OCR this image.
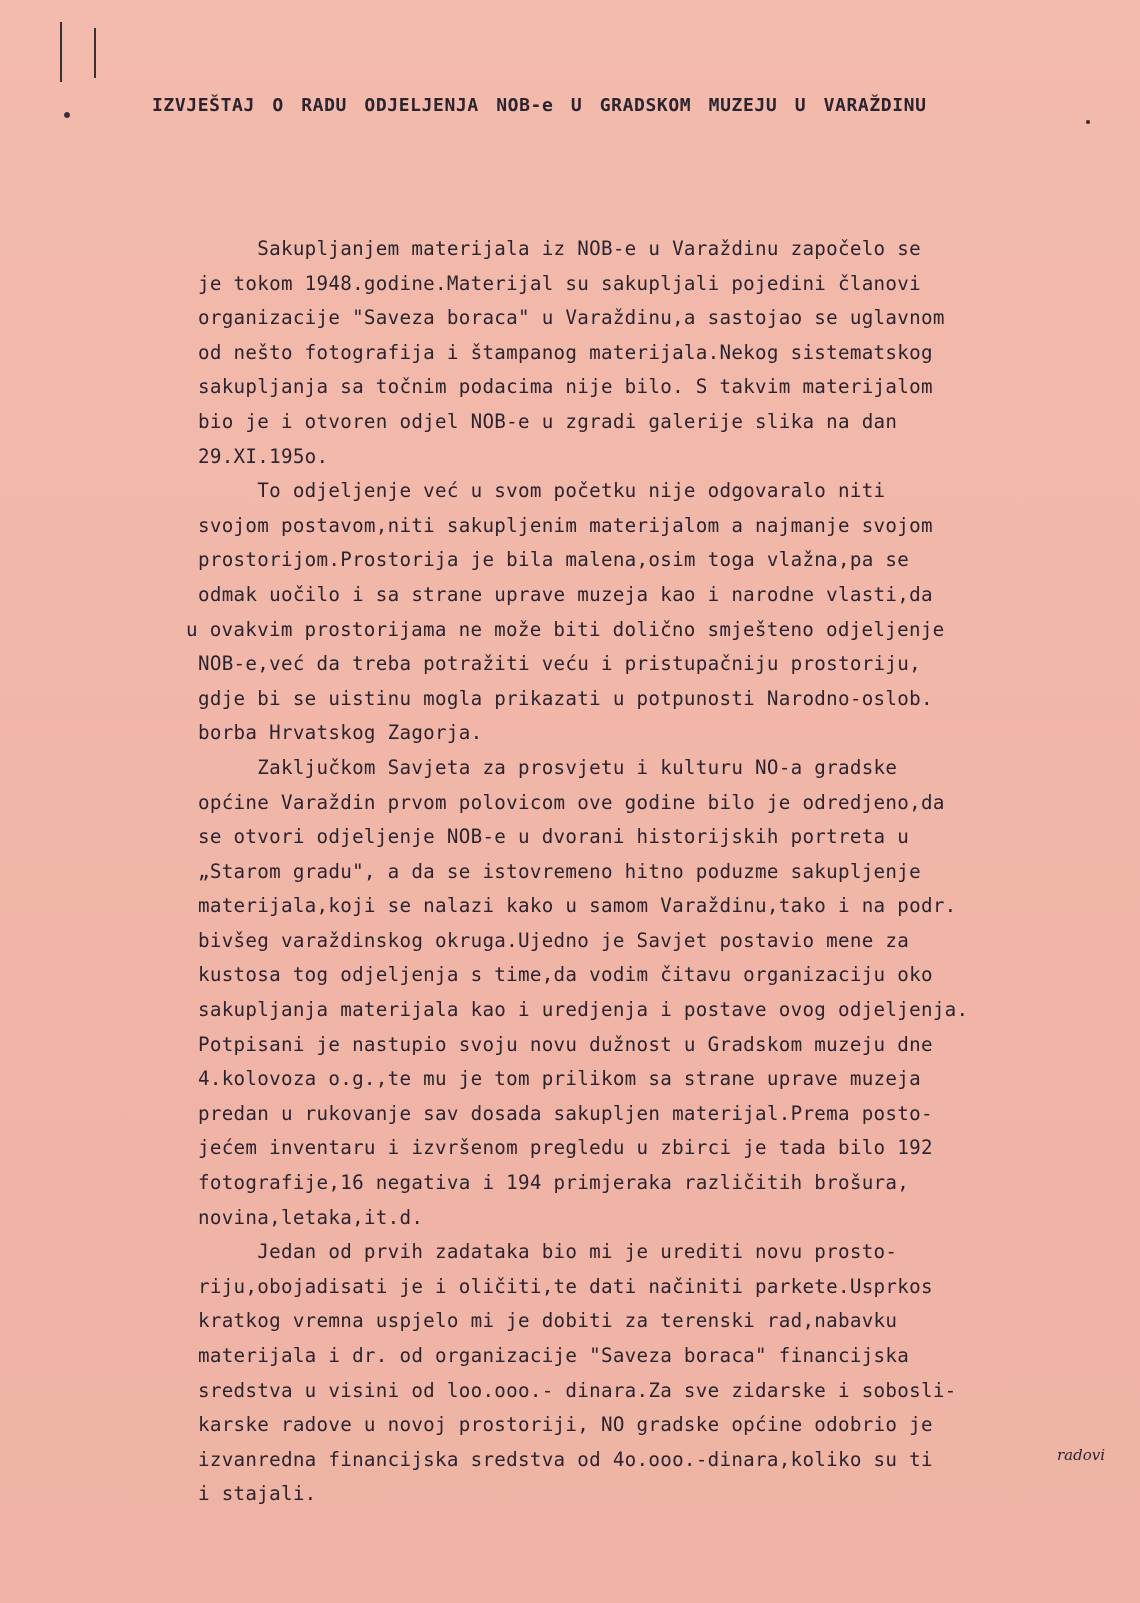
IZVJEŠTAJ O RADU ODJELJENJA NOB-e U GRADSKOM MUZEJU U VARAŽDINU
Sakupljanjem materijala iz NOB-e u Varaždinu započelo se
je tokom 1948.godine.Materijal su sakupljali pojedini članovi
organizacije "Saveza boraca" u Varaždinu,a sastojao se uglavnom
od nešto fotografija i štampanog materijala.Nekog sistematskog
sakupljanja sa točnim podacima nije bilo. S takvim materijalom
bio je i otvoren odjel NOB-e u zgradi galerije slika na dan
29.XI.195o.
To odjeljenje već u svom početku nije odgovaralo niti
svojom postavom,niti sakupljenim materijalom a najmanje svojom
prostorijom.Prostorija je bila malena,osim toga vlažna,pa se
odmak uočilo i sa strane uprave muzeja kao i narodne vlasti,da
u ovakvim prostorijama ne može biti dolično smješteno odjeljenje
NOB-e,već da treba potražiti veću i pristupačniju prostoriju,
gdje bi se uistinu mogla prikazati u potpunosti Narodno-oslob.
borba Hrvatskog Zagorja.
Zaključkom Savjeta za prosvjetu i kulturu NO-a gradske
općine Varaždin prvom polovicom ove godine bilo je odredjeno,da
se otvori odjeljenje NOB-e u dvorani historijskih portreta u
„Starom gradu", a da se istovremeno hitno poduzme sakupljenje
materijala,koji se nalazi kako u samom Varaždinu,tako i na podr.
bivšeg varaždinskog okruga.Ujedno je Savjet postavio mene za
kustosa tog odjeljenja s time,da vodim čitavu organizaciju oko
sakupljanja materijala kao i uredjenja i postave ovog odjeljenja.
Potpisani je nastupio svoju novu dužnost u Gradskom muzeju dne
4.kolovoza o.g.,te mu je tom prilikom sa strane uprave muzeja
predan u rukovanje sav dosada sakupljen materijal.Prema posto-
jećem inventaru i izvršenom pregledu u zbirci je tada bilo 192
fotografije,16 negativa i 194 primjeraka različitih brošura,
novina,letaka,it.d.
Jedan od prvih zadataka bio mi je urediti novu prosto-
riju,obojadisati je i oličiti,te dati načiniti parkete.Usprkos
kratkog vremna uspjelo mi je dobiti za terenski rad,nabavku
materijala i dr. od organizacije "Saveza boraca" financijska
sredstva u visini od loo.ooo.- dinara.Za sve zidarske i sobosli-
karske radove u novoj prostoriji, NO gradske općine odobrio je
izvanredna financijska sredstva od 4o.ooo.-dinara,koliko su ti
i stajali.
radovi
